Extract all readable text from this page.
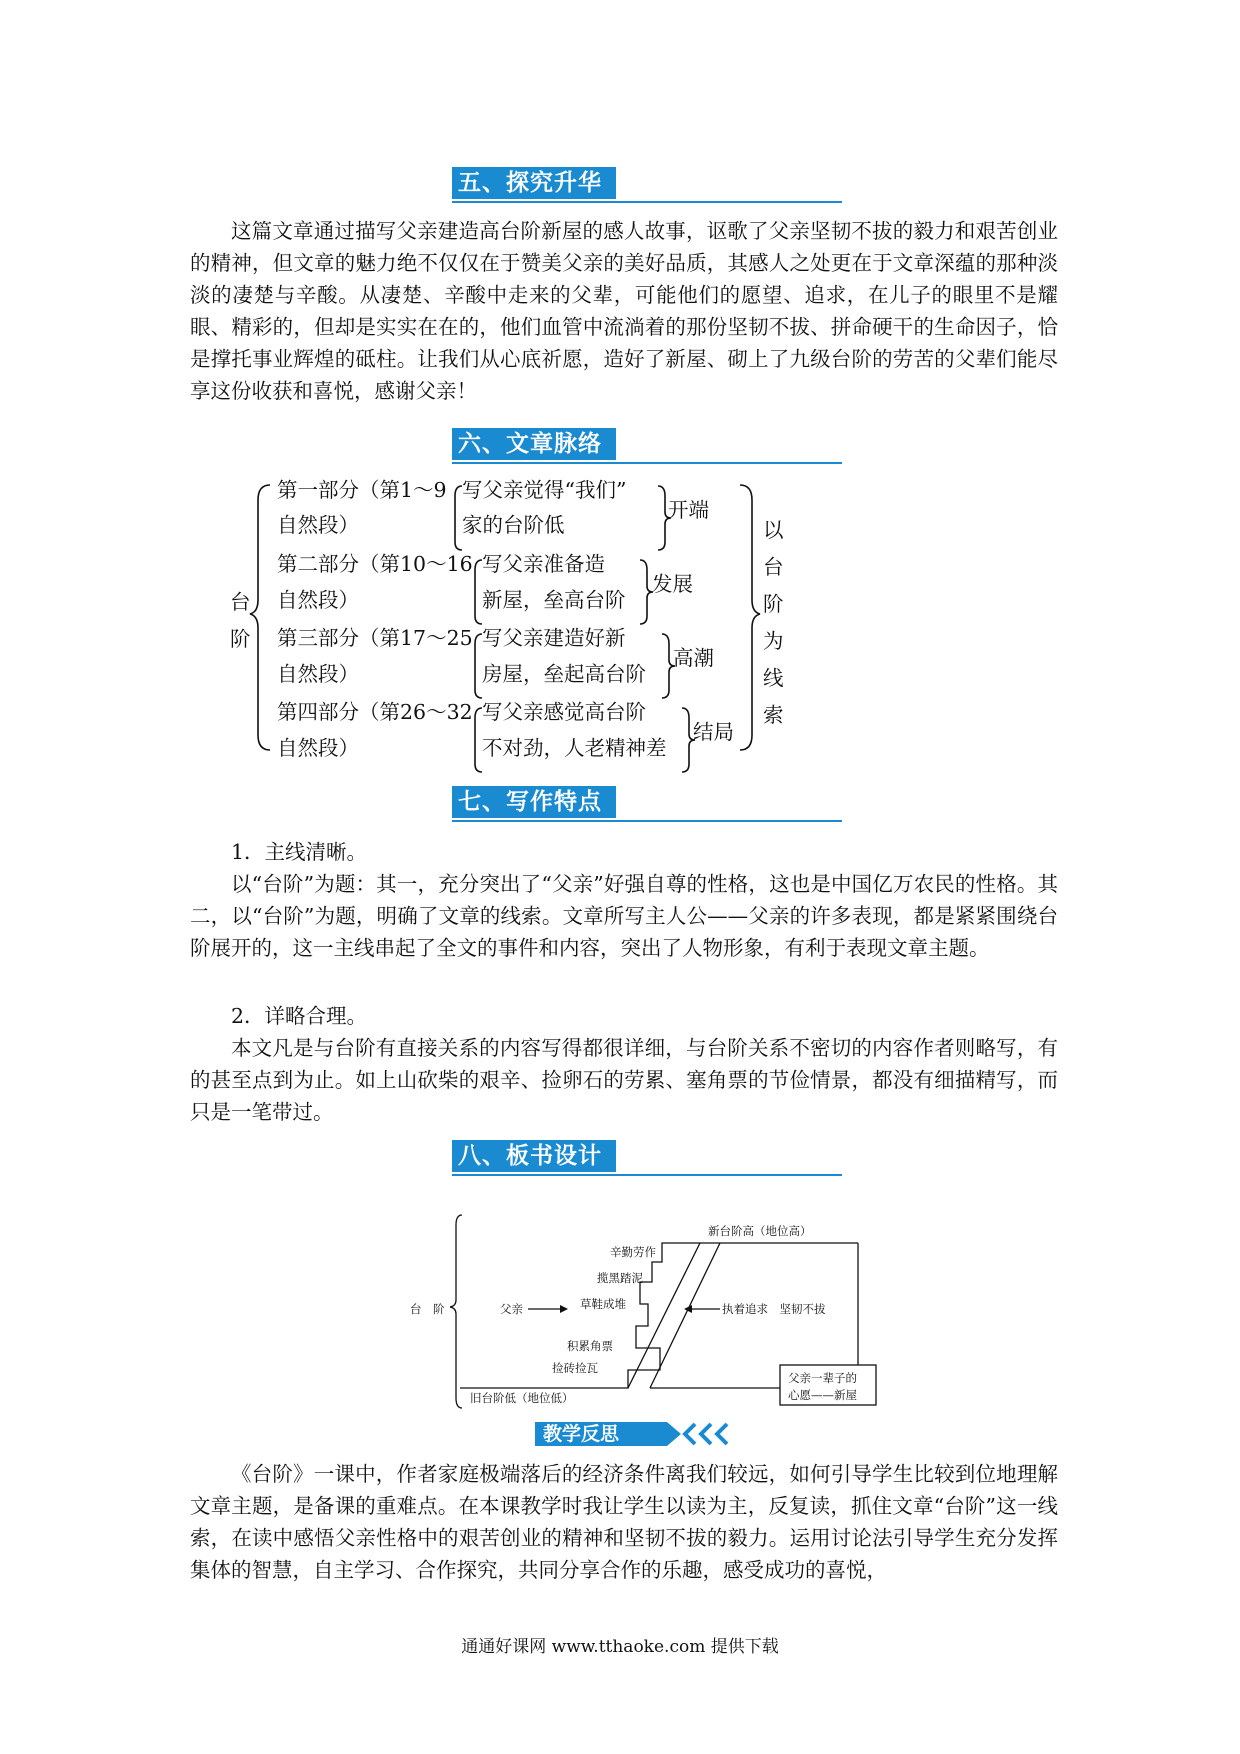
五、探究升华

这篇文章通过描写父亲建造高台阶新屋的感人故事，讴歌了父亲坚韧不拔的毅力和艰苦创业的精神，但文章的魅力绝不仅仅在于赞美父亲的美好品质，其感人之处更在于文章深蕴的那种淡淡的凄楚与辛酸。从凄楚、辛酸中走来的父辈，可能他们的愿望、追求，在儿子的眼里不是耀眼、精彩的，但却是实实在在的，他们血管中流淌着的那份坚韧不拔、拼命硬干的生命因子，恰是撑托事业辉煌的砥柱。让我们从心底祈愿，造好了新屋、砌上了九级台阶的劳苦的父辈们能尽享这份收获和喜悦，感谢父亲！

六、文章脉络
台
阶
第一部分（第1～9
自然段）
写父亲觉得“我们”
家的台阶低
开端
第二部分（第10～16
自然段）
写父亲准备造
新屋，垒高台阶
发展
第三部分（第17～25
自然段）
写父亲建造好新
房屋，垒起高台阶
高潮
第四部分（第26～32
自然段）
写父亲感觉高台阶
不对劲，人老精神差
结局
以
台
阶
为
线
索
七、写作特点

1．主线清晰。

以“台阶”为题：其一，充分突出了“父亲”好强自尊的性格，这也是中国亿万农民的性格。其二，以“台阶”为题，明确了文章的线索。文章所写主人公——父亲的许多表现，都是紧紧围绕台阶展开的，这一主线串起了全文的事件和内容，突出了人物形象，有利于表现文章主题。

2．详略合理。

本文凡是与台阶有直接关系的内容写得都很详细，与台阶关系不密切的内容作者则略写，有的甚至点到为止。如上山砍柴的艰辛、捡卵石的劳累、塞角票的节俭情景，都没有细描精写，而只是一笔带过。

八、板书设计
台　阶	父亲
捡砖捡瓦
积累角票
草鞋成堆
揽黑踏泥
辛勤劳作
新台阶高（地位高）
执着追求　坚韧不拔
旧台阶低（地位低）
父亲一辈子的
心愿——新屋
教学反思

《台阶》一课中，作者家庭极端落后的经济条件离我们较远，如何引导学生比较到位地理解文章主题，是备课的重难点。在本课教学时我让学生以读为主，反复读，抓住文章“台阶”这一线索，在读中感悟父亲性格中的艰苦创业的精神和坚韧不拔的毅力。运用讨论法引导学生充分发挥集体的智慧，自主学习、合作探究，共同分享合作的乐趣，感受成功的喜悦，

通通好课网 www.tthaoke.com 提供下载
